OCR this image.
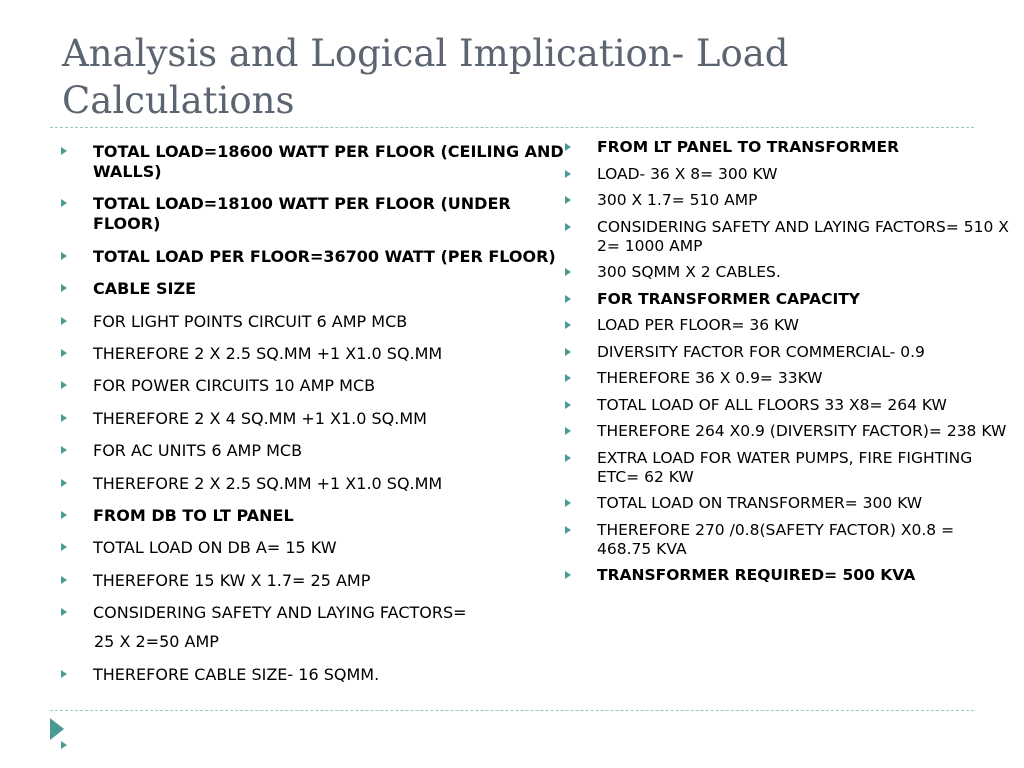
Analysis and Logical Implication- Load Calculations
TOTAL LOAD=18600 WATT PER FLOOR (CEILING AND WALLS)
TOTAL LOAD=18100 WATT PER FLOOR (UNDER FLOOR)
TOTAL LOAD PER FLOOR=36700 WATT (PER FLOOR)
CABLE SIZE
FOR LIGHT POINTS CIRCUIT 6 AMP MCB
THEREFORE 2 X 2.5 SQ.MM +1 X1.0 SQ.MM
FOR POWER CIRCUITS 10 AMP MCB
THEREFORE 2 X 4 SQ.MM +1 X1.0 SQ.MM
FOR AC UNITS 6 AMP MCB
THEREFORE 2 X 2.5 SQ.MM +1 X1.0 SQ.MM
FROM DB TO LT PANEL
TOTAL LOAD ON DB A= 15 KW
THEREFORE 15 KW X 1.7= 25 AMP
CONSIDERING SAFETY AND LAYING FACTORS=
25 X 2=50 AMP
THEREFORE CABLE SIZE- 16 SQMM.
FROM LT PANEL TO TRANSFORMER
LOAD- 36 X 8= 300 KW
300 X 1.7= 510 AMP
CONSIDERING SAFETY AND LAYING FACTORS= 510 X 2= 1000 AMP
300 SQMM X 2 CABLES.
FOR TRANSFORMER CAPACITY
LOAD PER FLOOR= 36 KW
DIVERSITY FACTOR FOR COMMERCIAL- 0.9
THEREFORE 36 X 0.9= 33KW
TOTAL LOAD OF ALL FLOORS 33 X8= 264 KW
THEREFORE 264 X0.9 (DIVERSITY FACTOR)= 238 KW
EXTRA LOAD FOR WATER PUMPS, FIRE FIGHTING ETC= 62 KW
TOTAL LOAD ON TRANSFORMER= 300 KW
THEREFORE 270 /0.8(SAFETY FACTOR) X0.8 = 468.75 KVA
TRANSFORMER REQUIRED= 500 KVA
